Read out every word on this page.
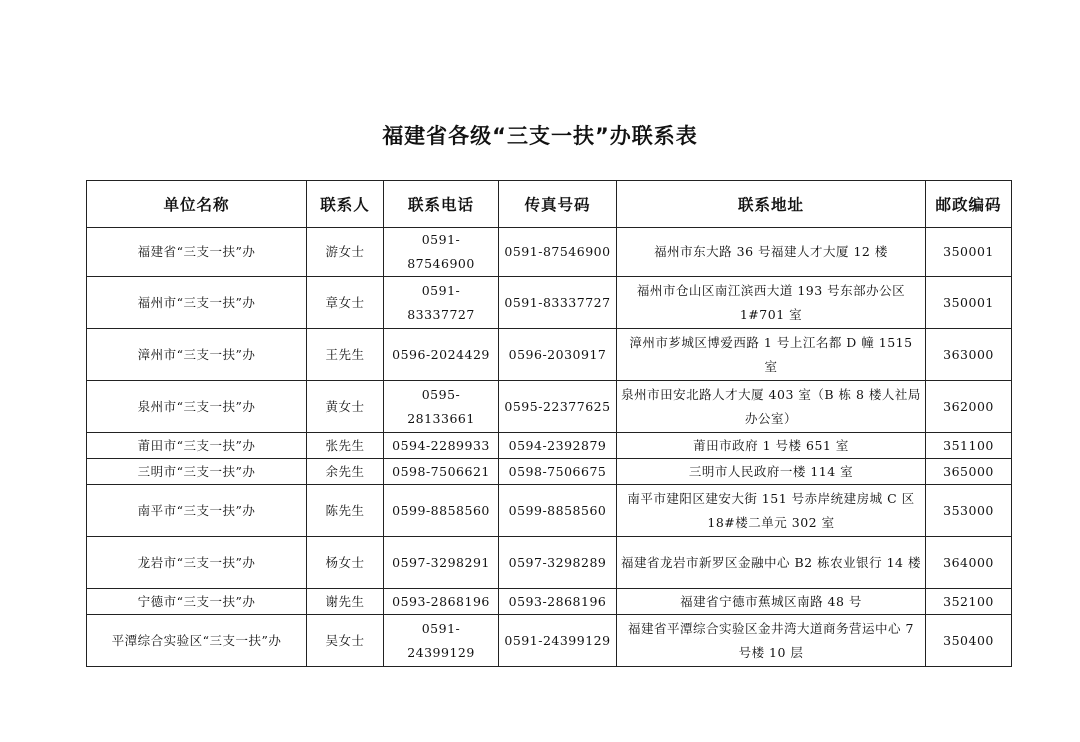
福建省各级“三支一扶”办联系表
单位名称	联系人	联系电话	传真号码	联系地址	邮政编码
福建省“三支一扶”办	游女士	0591-87546900	0591-87546900	福州市东大路 36 号福建人才大厦 12 楼	350001
福州市“三支一扶”办	章女士	0591-83337727	0591-83337727	福州市仓山区南江滨西大道 193 号东部办公区 1#701 室	350001
漳州市“三支一扶”办	王先生	0596-2024429	0596-2030917	漳州市芗城区博爱西路 1 号上江名都 D 幢 1515 室	363000
泉州市“三支一扶”办	黄女士	0595-28133661	0595-22377625	泉州市田安北路人才大厦 403 室（B 栋 8 楼人社局办公室）	362000
莆田市“三支一扶”办	张先生	0594-2289933	0594-2392879	莆田市政府 1 号楼 651 室	351100
三明市“三支一扶”办	余先生	0598-7506621	0598-7506675	三明市人民政府一楼 114 室	365000
南平市“三支一扶”办	陈先生	0599-8858560	0599-8858560	南平市建阳区建安大街 151 号赤岸统建房城 C 区 18#楼二单元 302 室	353000
龙岩市“三支一扶”办	杨女士	0597-3298291	0597-3298289	福建省龙岩市新罗区金融中心 B2 栋农业银行 14 楼	364000
宁德市“三支一扶”办	谢先生	0593-2868196	0593-2868196	福建省宁德市蕉城区南路 48 号	352100
平潭综合实验区“三支一扶”办	吴女士	0591-24399129	0591-24399129	福建省平潭综合实验区金井湾大道商务营运中心 7 号楼 10 层	350400
